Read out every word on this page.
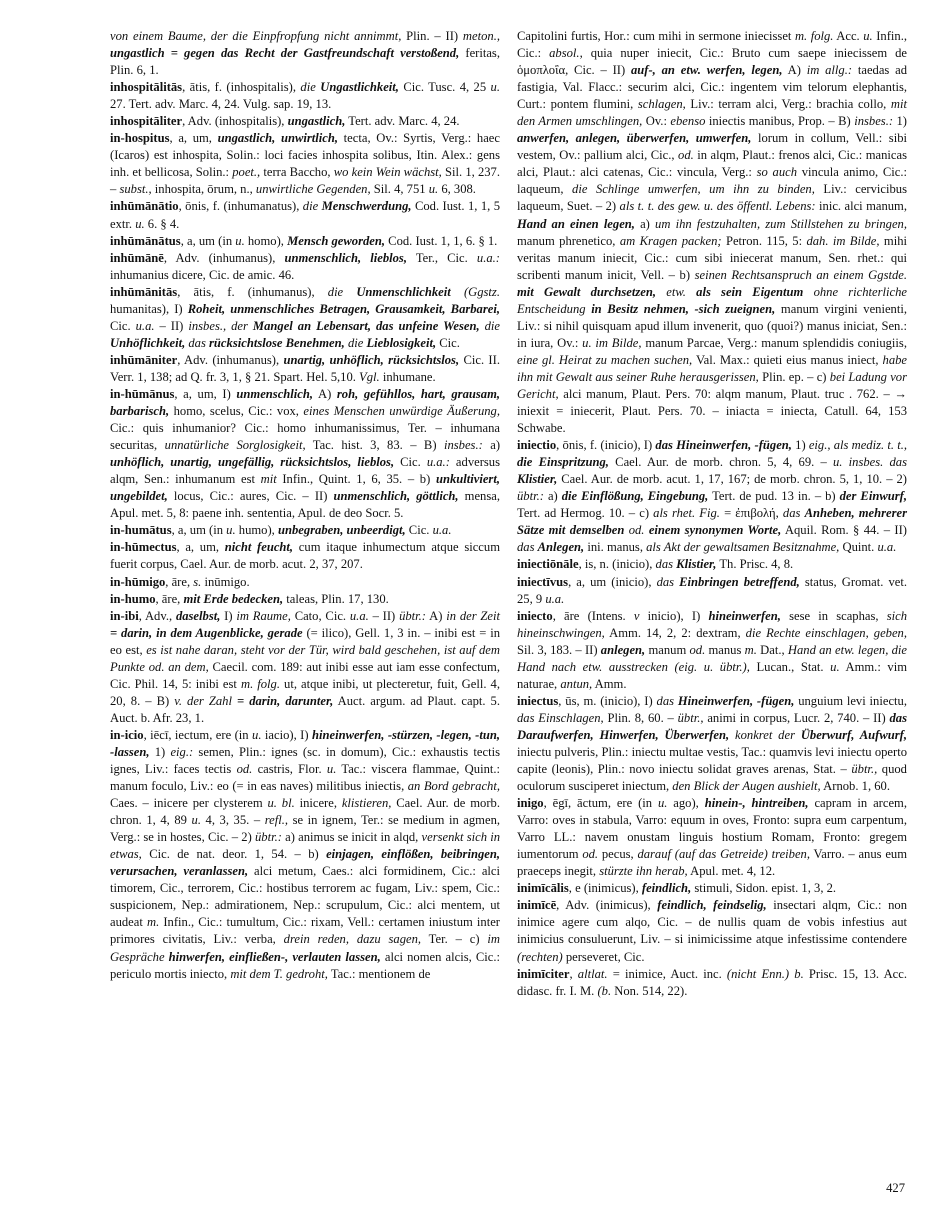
von einem Baume, der die Einpfropfung nicht annimmt, Plin. – II) meton., ungastlich = gegen das Recht der Gastfreundschaft verstoßend, feritas, Plin. 6, 1.

inhospitālitās, ātis, f. (inhospitalis), die Ungastlichkeit, Cic. Tusc. 4, 25 u. 27. Tert. adv. Marc. 4, 24. Vulg. sap. 19, 13.

inhospitāliter, Adv. (inhospitalis), ungastlich, Tert. adv. Marc. 4, 24.

in-hospitus, a, um, ungastlich, unwirtlich, tecta, Ov.: Syrtis, Verg.: haec (Icaros) est inhospita, Solin.: loci facies inhospita solibus, Itin. Alex.: gens inh. et bellicosa, Solin.: poet., terra Baccho, wo kein Wein wächst, Sil. 1, 237. – subst., inhospita, ōrum, n., unwirtliche Gegenden, Sil. 4, 751 u. 6, 308.

inhūmānātio, ōnis, f. (inhumanatus), die Menschwerdung, Cod. Iust. 1, 1, 5 extr. u. 6. § 4.

inhūmānātus, a, um (in u. homo), Mensch geworden, Cod. Iust. 1, 1, 6. § 1.

inhūmānē, Adv. (inhumanus), unmenschlich, lieblos, Ter., Cic. u.a.: inhumanius dicere, Cic. de amic. 46.

inhūmānitās, ātis, f. (inhumanus), die Unmenschlichkeit (Ggstz. humanitas), I) Roheit, unmenschliches Betragen, Grausamkeit, Barbarei, Cic. u.a. – II) insbes., der Mangel an Lebensart, das unfeine Wesen, die Unhöflichkeit, das rücksichtslose Benehmen, die Lieblosigkeit, Cic.

inhūmāniter, Adv. (inhumanus), unartig, unhöflich, rücksichtslos, Cic. II. Verr. 1, 138; ad Q. fr. 3, 1, § 21. Spart. Hel. 5,10. Vgl. inhumane.

in-hūmānus, a, um, I) unmenschlich, A) roh, gefühllos, hart, grausam, barbarisch, homo, scelus, Cic.: vox, eines Menschen unwürdige Äußerung, Cic.: quis inhumanior? Cic.: homo inhumanissimus, Ter. – inhumana securitas, unnatürliche Sorglosigkeit, Tac. hist. 3, 83. – B) insbes.: a) unhöflich, unartig, ungefällig, rücksichtslos, lieblos, Cic. u.a.: adversus alqm, Sen.: inhumanum est mit Infin., Quint. 1, 6, 35. – b) unkultiviert, ungebildet, locus, Cic.: aures, Cic. – II) unmenschlich, göttlich, mensa, Apul. met. 5, 8: paene inh. sententia, Apul. de deo Socr. 5.

in-humātus, a, um (in u. humo), unbegraben, unbeerdigt, Cic. u.a.

in-hūmectus, a, um, nicht feucht, cum itaque inhumectum atque siccum fuerit corpus, Cael. Aur. de morb. acut. 2, 37, 207.

in-hūmigo, āre, s. inūmigo.

in-humo, āre, mit Erde bedecken, taleas, Plin. 17, 130.

in-ibi, Adv., daselbst, I) im Raume, Cato, Cic. u.a. – II) übtr.: A) in der Zeit = darin, in dem Augenblicke, gerade (= ilico), Gell. 1, 3 in. – inibi est = in eo est, es ist nahe daran, steht vor der Tür, wird bald geschehen, ist auf dem Punkte od. an dem, Caecil. com. 189: aut inibi esse aut iam esse confectum, Cic. Phil. 14, 5: inibi est m. folg. ut, atque inibi, ut plecteretur, fuit, Gell. 4, 20, 8. – B) v. der Zahl = darin, darunter, Auct. argum. ad Plaut. capt. 5. Auct. b. Afr. 23, 1.

in-icio, iēcī, iectum, ere (in u. iacio), I) hineinwerfen, -stürzen, -legen, -tun, -lassen, 1) eig.: semen, Plin.: ignes (sc. in domum), Cic.: exhaustis tectis ignes, Liv.: faces tectis od. castris, Flor. u. Tac.: viscera flammae, Quint.: manum foculo, Liv.: eo (= in eas naves) militibus iniectis, an Bord gebracht, Caes. – inicere per clysterem u. bl. inicere, klistieren, Cael. Aur. de morb. chron. 1, 4, 89 u. 4, 3, 35. – refl., se in ignem, Ter.: se medium in agmen, Verg.: se in hostes, Cic. – 2) übtr.: a) animus se inicit in alqd, versenkt sich in etwas, Cic. de nat. deor. 1, 54. – b) einjagen, einflößen, beibringen, verursachen, veranlassen, alci metum, Caes.: alci formidinem, Cic.: alci timorem, Cic., terrorem, Cic.: hostibus terrorem ac fugam, Liv.: spem, Cic.: suspicionem, Nep.: admirationem, Nep.: scrupulum, Cic.: alci mentem, ut audeat m. Infin., Cic.: tumultum, Cic.: rixam, Vell.: certamen iniustum inter primores civitatis, Liv.: verba, drein reden, dazu sagen, Ter. – c) im Gespräche hinwerfen, einfließen-, verlauten lassen, alci nomen alcis, Cic.: periculo mortis iniecto, mit dem T. gedroht, Tac.: mentionem de

Capitolini furtis, Hor.: cum mihi in sermone iniecisset m. folg. Acc. u. Infin., Cic.: absol., quia nuper iniecit, Cic.: Bruto cum saepe iniecissem de ὁμοπλοΐα, Cic. – II) auf-, an etw. werfen, legen, A) im allg.: taedas ad fastigia, Val. Flacc.: securim alci, Cic.: ingentem vim telorum elephantis, Curt.: pontem flumini, schlagen, Liv.: terram alci, Verg.: brachia collo, mit den Armen umschlingen, Ov.: ebenso iniectis manibus, Prop. – B) insbes.: 1) anwerfen, anlegen, überwerfen, umwerfen, lorum in collum, Vell.: sibi vestem, Ov.: pallium alci, Cic., od. in alqm, Plaut.: frenos alci, Cic.: manicas alci, Plaut.: alci catenas, Cic.: vincula, Verg.: so auch vincula animo, Cic.: laqueum, die Schlinge umwerfen, um ihn zu binden, Liv.: cervicibus laqueum, Suet. – 2) als t. t. des gew. u. des öffentl. Lebens: inic. alci manum, Hand an einen legen, a) um ihn festzuhalten, zum Stillstehen zu bringen, manum phrenetico, am Kragen packen; Petron. 115, 5: dah. im Bilde, mihi veritas manum iniecit, Cic.: cum sibi iniecerat manum, Sen. rhet.: qui scribenti manum inicit, Vell. – b) seinen Rechtsanspruch an einem Ggstde. mit Gewalt durchsetzen, etw. als sein Eigentum ohne richterliche Entscheidung in Besitz nehmen, -sich zueignen, manum virgini venienti, Liv.: si nihil quisquam apud illum invenerit, quo (quoi?) manus iniciat, Sen.: in iura, Ov.: u. im Bilde, manum Parcae, Verg.: manum splendidis coniugiis, eine gl. Heirat zu machen suchen, Val. Max.: quieti eius manus iniect, habe ihn mit Gewalt aus seiner Ruhe herausgerissen, Plin. ep. – c) bei Ladung vor Gericht, alci manum, Plaut. Pers. 70: alqm manum, Plaut. truc . 762. – → iniexit = iniecerit, Plaut. Pers. 70. – iniacta = iniecta, Catull. 64, 153 Schwabe.

iniectio, ōnis, f. (inicio), I) das Hineinwerfen, -fügen, 1) eig., als mediz. t. t., die Einspritzung, Cael. Aur. de morb. chron. 5, 4, 69. – u. insbes. das Klistier, Cael. Aur. de morb. acut. 1, 17, 167; de morb. chron. 5, 1, 10. – 2) übtr.: a) die Einflößung, Eingebung, Tert. de pud. 13 in. – b) der Einwurf, Tert. ad Hermog. 10. – c) als rhet. Fig. = ἐπιβολή, das Anheben, mehrerer Sätze mit demselben od. einem synonymen Worte, Aquil. Rom. § 44. – II) das Anlegen, ini. manus, als Akt der gewaltsamen Besitznahme, Quint. u.a.

iniectiōnāle, is, n. (inicio), das Klistier, Th. Prisc. 4, 8.

iniectīvus, a, um (inicio), das Einbringen betreffend, status, Gromat. vet. 25, 9 u.a.

iniecto, āre (Intens. v inicio), I) hineinwerfen, sese in scaphas, sich hineinschwingen, Amm. 14, 2, 2: dextram, die Rechte einschlagen, geben, Sil. 3, 183. – II) anlegen, manum od. manus m. Dat., Hand an etw. legen, die Hand nach etw. ausstrecken (eig. u. übtr.), Lucan., Stat. u. Amm.: vim naturae, antun, Amm.

iniectus, ūs, m. (inicio), I) das Hineinwerfen, -fügen, unguium levi iniectu, das Einschlagen, Plin. 8, 60. – übtr., animi in corpus, Lucr. 2, 740. – II) das Daraufwerfen, Hinwerfen, Überwerfen, konkret der Überwurf, Aufwurf, iniectu pulveris, Plin.: iniectu multae vestis, Tac.: quamvis levi iniectu operto capite (leonis), Plin.: novo iniectu solidat graves arenas, Stat. – übtr., quod oculorum susciperet iniectum, den Blick der Augen aushielt, Arnob. 1, 60.

inigo, ēgī, āctum, ere (in u. ago), hinein-, hintreiben, capram in arcem, Varro: oves in stabula, Varro: equum in oves, Fronto: supra eum carpentum, Varro LL.: navem onustam linguis hostium Romam, Fronto: gregem iumentorum od. pecus, darauf (auf das Getreide) treiben, Varro. – anus eum praeceps inegit, stürzte ihn herab, Apul. met. 4, 12.

inimīcālis, e (inimicus), feindlich, stimuli, Sidon. epist. 1, 3, 2.

inimīcē, Adv. (inimicus), feindlich, feindselig, insectari alqm, Cic.: non inimice agere cum alqo, Cic. – de nullis quam de vobis infestius aut inimicius consuluerunt, Liv. – si inimicissime atque infestissime contendere (rechten) perseveret, Cic.

inimīciter, altlat. = inimice, Auct. inc. (nicht Enn.) b. Prisc. 15, 13. Acc. didasc. fr. I. M. (b. Non. 514, 22).

427
